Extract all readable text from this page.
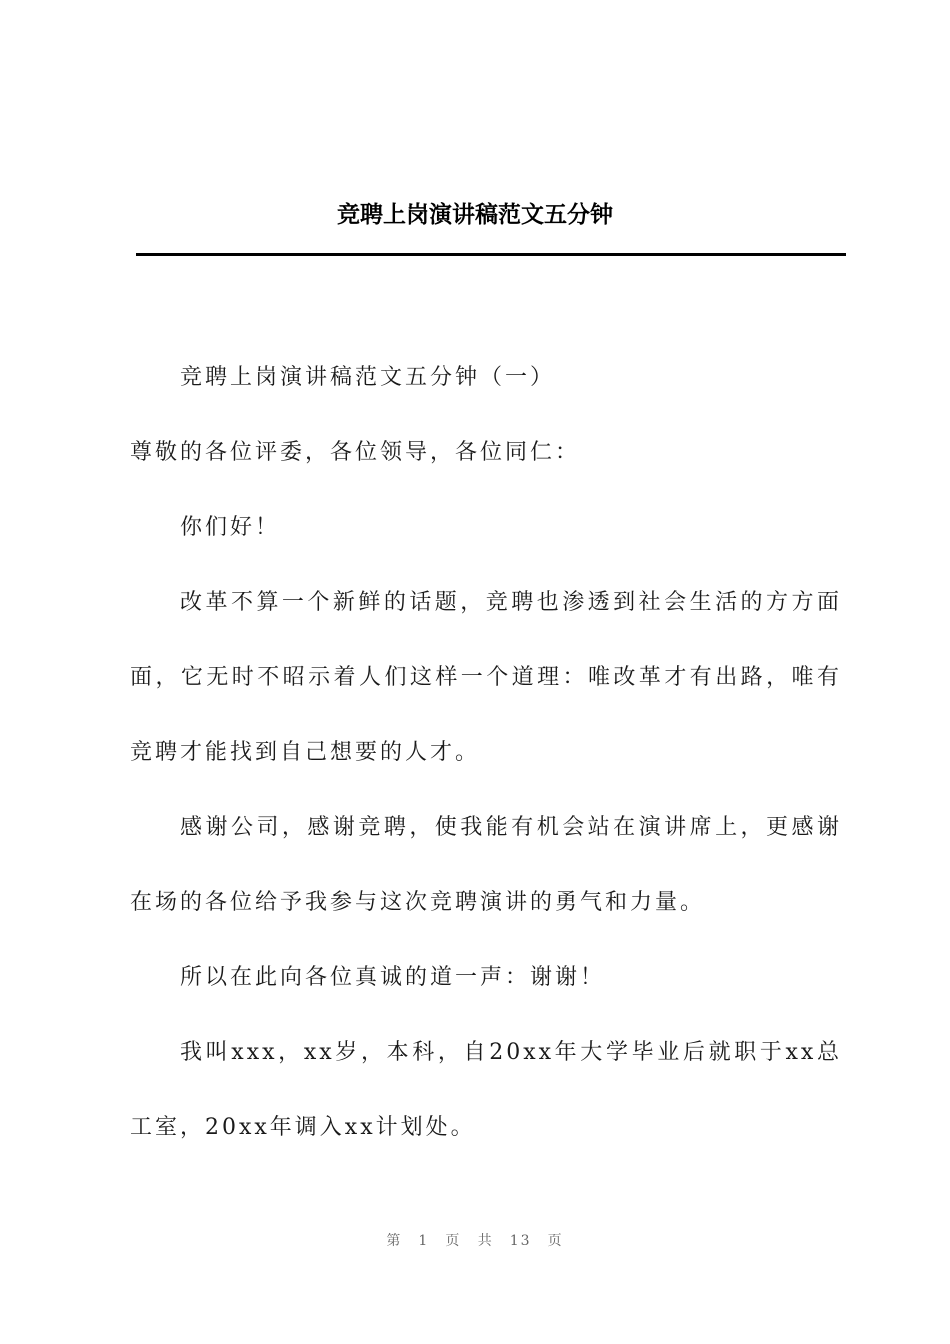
竞聘上岗演讲稿范文五分钟

竞聘上岗演讲稿范文五分钟（一）

尊敬的各位评委，各位领导，各位同仁：

你们好！

改革不算一个新鲜的话题，竞聘也渗透到社会生活的方方面面，它无时不昭示着人们这样一个道理：唯改革才有出路，唯有竞聘才能找到自己想要的人才。

感谢公司，感谢竞聘，使我能有机会站在演讲席上，更感谢在场的各位给予我参与这次竞聘演讲的勇气和力量。

所以在此向各位真诚的道一声：谢谢！

我叫xxx，xx岁，本科，自20xx年大学毕业后就职于xx总工室，20xx年调入xx计划处。

第 1 页 共 13 页
